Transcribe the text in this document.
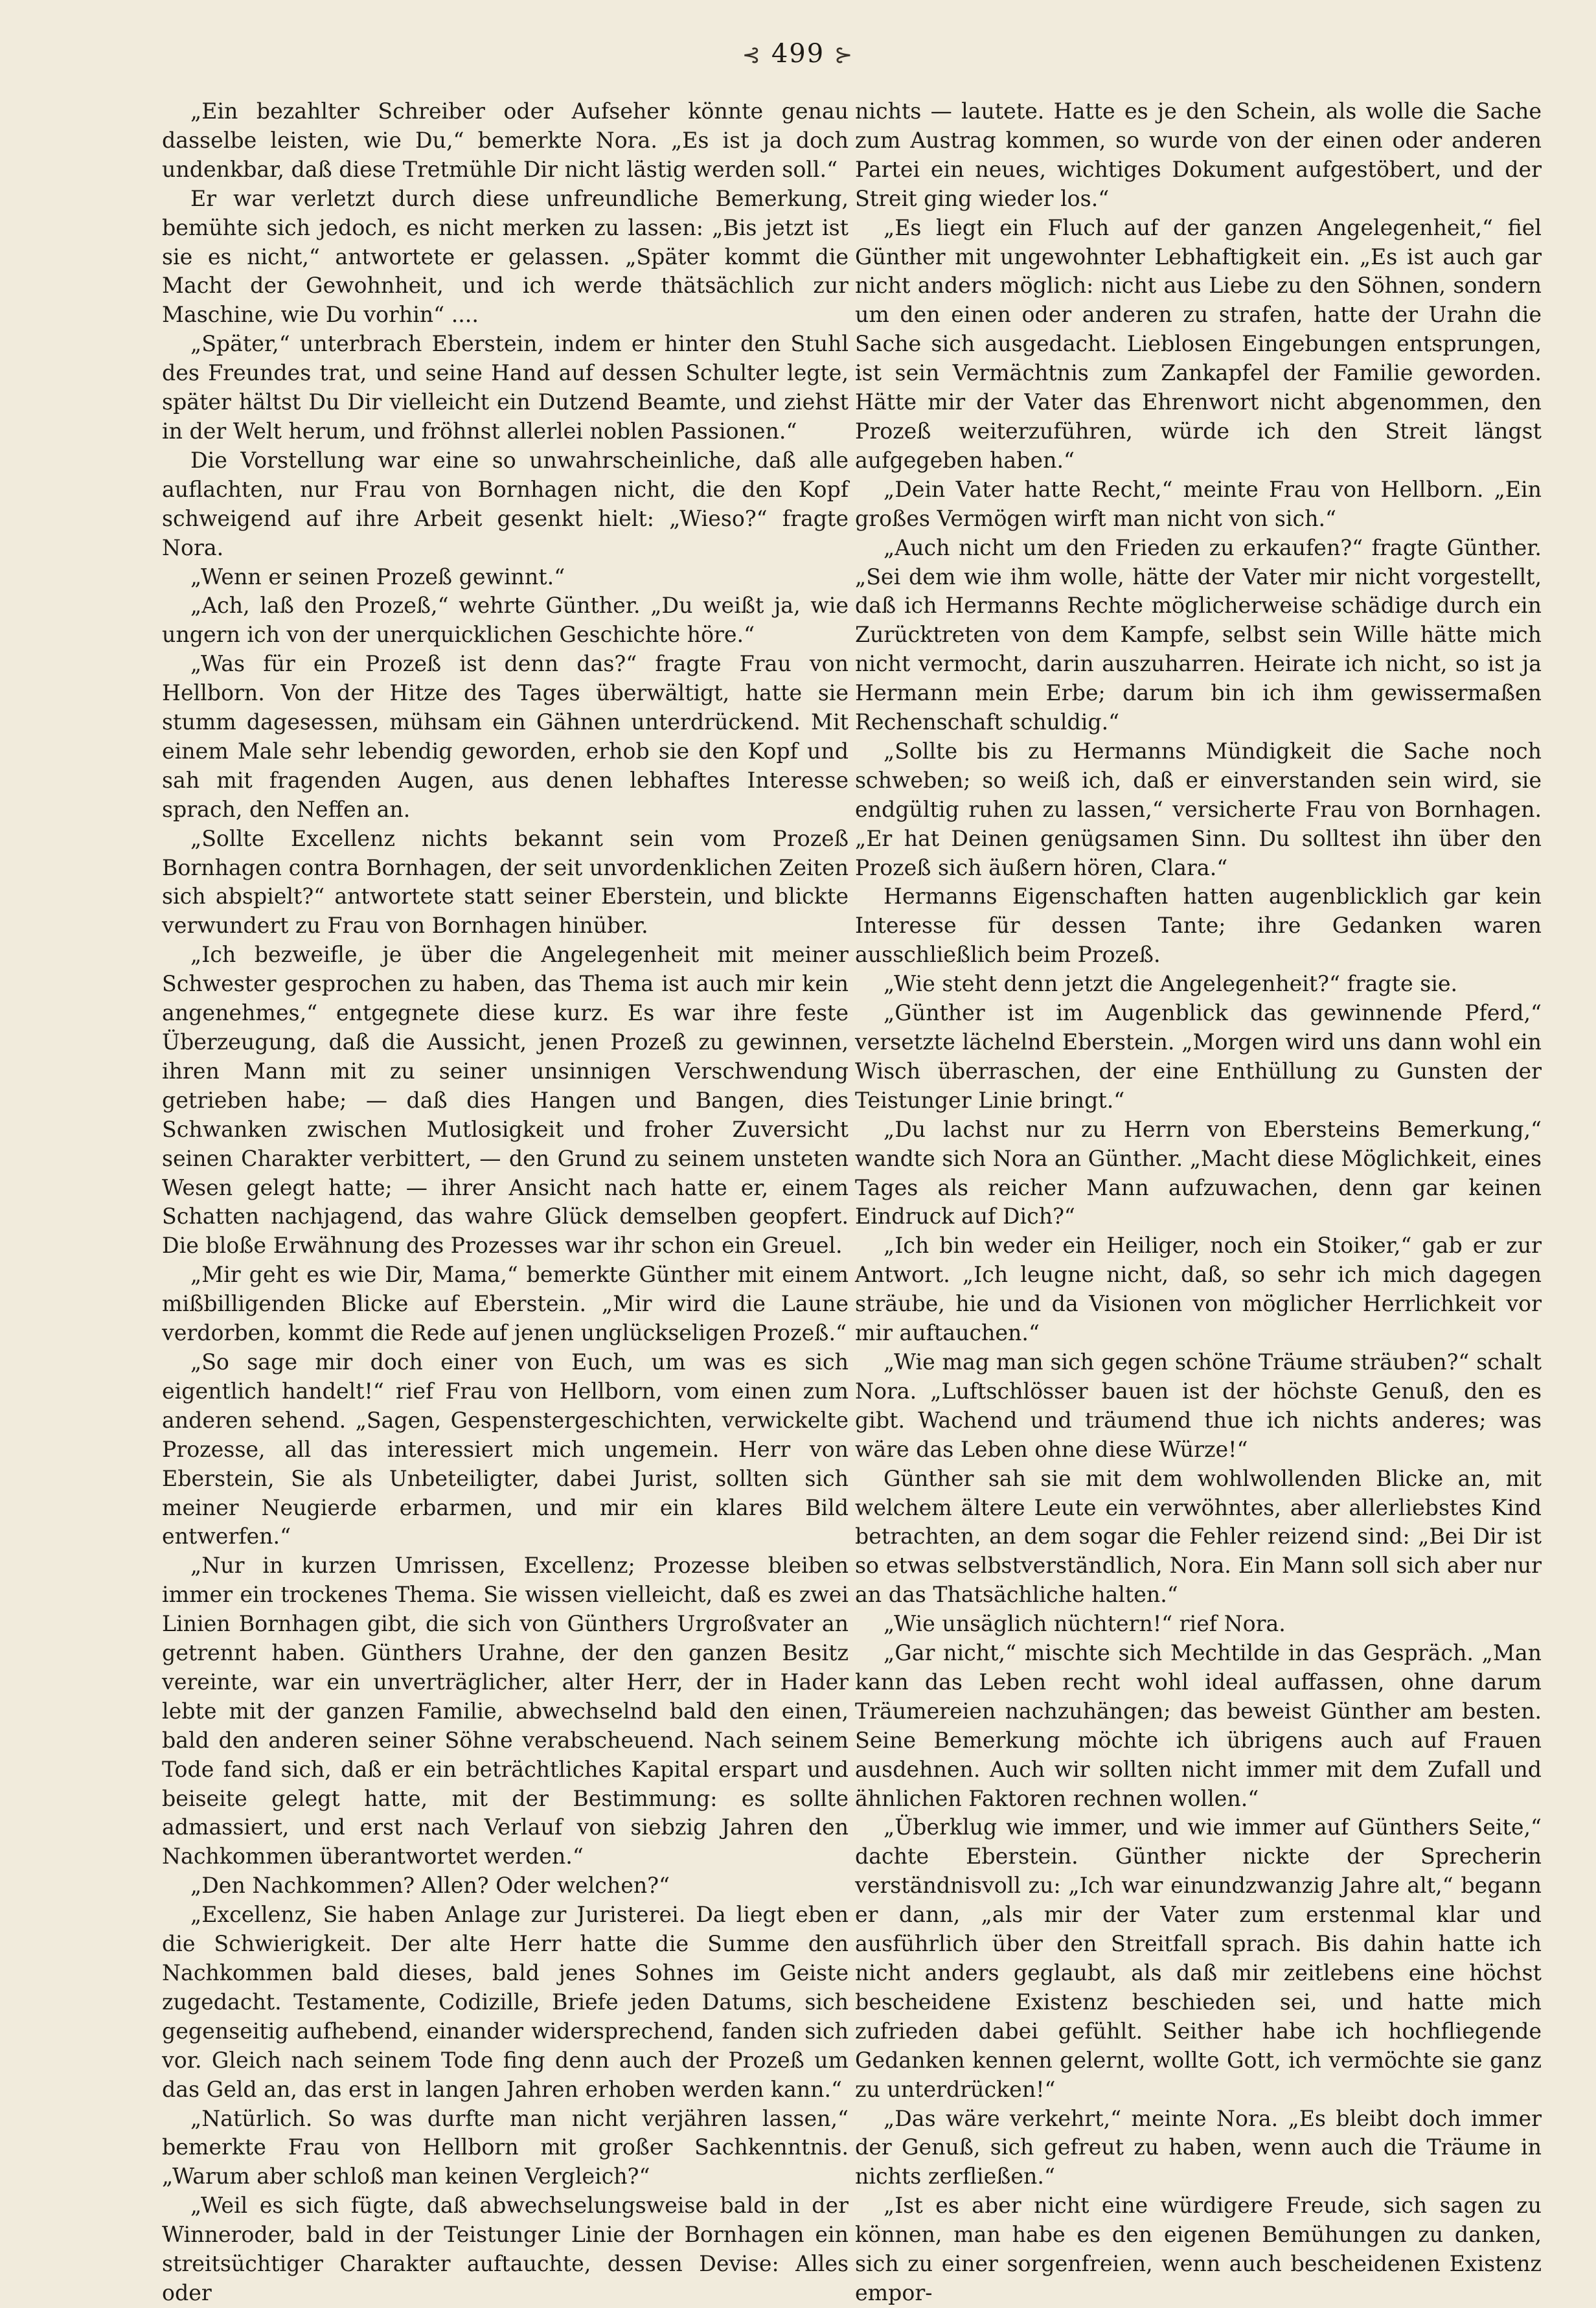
⊰ 499 ⊱

„Ein bezahlter Schreiber oder Aufseher könnte genau dasselbe leisten, wie Du,“ bemerkte Nora. „Es ist ja doch undenkbar, daß diese Tretmühle Dir nicht lästig werden soll.“

Er war verletzt durch diese unfreundliche Bemerkung, bemühte sich jedoch, es nicht merken zu lassen: „Bis jetzt ist sie es nicht,“ antwortete er gelassen. „Später kommt die Macht der Gewohnheit, und ich werde thätsächlich zur Maschine, wie Du vorhin“ ....

„Später,“ unterbrach Eberstein, indem er hinter den Stuhl des Freundes trat, und seine Hand auf dessen Schulter legte, später hältst Du Dir vielleicht ein Dutzend Beamte, und ziehst in der Welt herum, und fröhnst allerlei noblen Passionen.“

Die Vorstellung war eine so unwahrscheinliche, daß alle auflachten, nur Frau von Bornhagen nicht, die den Kopf schweigend auf ihre Arbeit gesenkt hielt: „Wieso?“ fragte Nora.

„Wenn er seinen Prozeß gewinnt.“

„Ach, laß den Prozeß,“ wehrte Günther. „Du weißt ja, wie ungern ich von der unerquicklichen Geschichte höre.“

„Was für ein Prozeß ist denn das?“ fragte Frau von Hellborn. Von der Hitze des Tages überwältigt, hatte sie stumm dagesessen, mühsam ein Gähnen unterdrückend. Mit einem Male sehr lebendig geworden, erhob sie den Kopf und sah mit fragenden Augen, aus denen lebhaftes Interesse sprach, den Neffen an.

„Sollte Excellenz nichts bekannt sein vom Prozeß Bornhagen contra Bornhagen, der seit unvordenklichen Zeiten sich abspielt?“ antwortete statt seiner Eberstein, und blickte verwundert zu Frau von Bornhagen hinüber.

„Ich bezweifle, je über die Angelegenheit mit meiner Schwester gesprochen zu haben, das Thema ist auch mir kein angenehmes,“ entgegnete diese kurz. Es war ihre feste Überzeugung, daß die Aussicht, jenen Prozeß zu gewinnen, ihren Mann mit zu seiner unsinnigen Verschwendung getrieben habe; — daß dies Hangen und Bangen, dies Schwanken zwischen Mutlosigkeit und froher Zuversicht seinen Charakter verbittert, — den Grund zu seinem unsteten Wesen gelegt hatte; — ihrer Ansicht nach hatte er, einem Schatten nachjagend, das wahre Glück demselben geopfert. Die bloße Erwähnung des Prozesses war ihr schon ein Greuel.

„Mir geht es wie Dir, Mama,“ bemerkte Günther mit einem mißbilligenden Blicke auf Eberstein. „Mir wird die Laune verdorben, kommt die Rede auf jenen unglückseligen Prozeß.“

„So sage mir doch einer von Euch, um was es sich eigentlich handelt!“ rief Frau von Hellborn, vom einen zum anderen sehend. „Sagen, Gespenstergeschichten, verwickelte Prozesse, all das interessiert mich ungemein. Herr von Eberstein, Sie als Unbeteiligter, dabei Jurist, sollten sich meiner Neugierde erbarmen, und mir ein klares Bild entwerfen.“

„Nur in kurzen Umrissen, Excellenz; Prozesse bleiben immer ein trockenes Thema. Sie wissen vielleicht, daß es zwei Linien Bornhagen gibt, die sich von Günthers Urgroßvater an getrennt haben. Günthers Urahne, der den ganzen Besitz vereinte, war ein unverträglicher, alter Herr, der in Hader lebte mit der ganzen Familie, abwechselnd bald den einen, bald den anderen seiner Söhne verabscheuend. Nach seinem Tode fand sich, daß er ein beträchtliches Kapital erspart und beiseite gelegt hatte, mit der Bestimmung: es sollte admassiert, und erst nach Verlauf von siebzig Jahren den Nachkommen überantwortet werden.“

„Den Nachkommen? Allen? Oder welchen?“

„Excellenz, Sie haben Anlage zur Juristerei. Da liegt eben die Schwierigkeit. Der alte Herr hatte die Summe den Nachkommen bald dieses, bald jenes Sohnes im Geiste zugedacht. Testamente, Codizille, Briefe jeden Datums, sich gegenseitig aufhebend, einander widersprechend, fanden sich vor. Gleich nach seinem Tode fing denn auch der Prozeß um das Geld an, das erst in langen Jahren erhoben werden kann.“

„Natürlich. So was durfte man nicht verjähren lassen,“ bemerkte Frau von Hellborn mit großer Sachkenntnis. „Warum aber schloß man keinen Vergleich?“

„Weil es sich fügte, daß abwechselungsweise bald in der Winneroder, bald in der Teistunger Linie der Bornhagen ein streitsüchtiger Charakter auftauchte, dessen Devise: Alles oder

nichts — lautete. Hatte es je den Schein, als wolle die Sache zum Austrag kommen, so wurde von der einen oder anderen Partei ein neues, wichtiges Dokument aufgestöbert, und der Streit ging wieder los.“

„Es liegt ein Fluch auf der ganzen Angelegenheit,“ fiel Günther mit ungewohnter Lebhaftigkeit ein. „Es ist auch gar nicht anders möglich: nicht aus Liebe zu den Söhnen, sondern um den einen oder anderen zu strafen, hatte der Urahn die Sache sich ausgedacht. Lieblosen Eingebungen entsprungen, ist sein Vermächtnis zum Zankapfel der Familie geworden. Hätte mir der Vater das Ehrenwort nicht abgenommen, den Prozeß weiterzuführen, würde ich den Streit längst aufgegeben haben.“

„Dein Vater hatte Recht,“ meinte Frau von Hellborn. „Ein großes Vermögen wirft man nicht von sich.“

„Auch nicht um den Frieden zu erkaufen?“ fragte Günther. „Sei dem wie ihm wolle, hätte der Vater mir nicht vorgestellt, daß ich Hermanns Rechte möglicherweise schädige durch ein Zurücktreten von dem Kampfe, selbst sein Wille hätte mich nicht vermocht, darin auszuharren. Heirate ich nicht, so ist ja Hermann mein Erbe; darum bin ich ihm gewissermaßen Rechenschaft schuldig.“

„Sollte bis zu Hermanns Mündigkeit die Sache noch schweben; so weiß ich, daß er einverstanden sein wird, sie endgültig ruhen zu lassen,“ versicherte Frau von Bornhagen. „Er hat Deinen genügsamen Sinn. Du solltest ihn über den Prozeß sich äußern hören, Clara.“

Hermanns Eigenschaften hatten augenblicklich gar kein Interesse für dessen Tante; ihre Gedanken waren ausschließlich beim Prozeß.

„Wie steht denn jetzt die Angelegenheit?“ fragte sie.

„Günther ist im Augenblick das gewinnende Pferd,“ versetzte lächelnd Eberstein. „Morgen wird uns dann wohl ein Wisch überraschen, der eine Enthüllung zu Gunsten der Teistunger Linie bringt.“

„Du lachst nur zu Herrn von Ebersteins Bemerkung,“ wandte sich Nora an Günther. „Macht diese Möglichkeit, eines Tages als reicher Mann aufzuwachen, denn gar keinen Eindruck auf Dich?“

„Ich bin weder ein Heiliger, noch ein Stoiker,“ gab er zur Antwort. „Ich leugne nicht, daß, so sehr ich mich dagegen sträube, hie und da Visionen von möglicher Herrlichkeit vor mir auftauchen.“

„Wie mag man sich gegen schöne Träume sträuben?“ schalt Nora. „Luftschlösser bauen ist der höchste Genuß, den es gibt. Wachend und träumend thue ich nichts anderes; was wäre das Leben ohne diese Würze!“

Günther sah sie mit dem wohlwollenden Blicke an, mit welchem ältere Leute ein verwöhntes, aber allerliebstes Kind betrachten, an dem sogar die Fehler reizend sind: „Bei Dir ist so etwas selbstverständlich, Nora. Ein Mann soll sich aber nur an das Thatsächliche halten.“

„Wie unsäglich nüchtern!“ rief Nora.

„Gar nicht,“ mischte sich Mechtilde in das Gespräch. „Man kann das Leben recht wohl ideal auffassen, ohne darum Träumereien nachzuhängen; das beweist Günther am besten. Seine Bemerkung möchte ich übrigens auch auf Frauen ausdehnen. Auch wir sollten nicht immer mit dem Zufall und ähnlichen Faktoren rechnen wollen.“

„Überklug wie immer, und wie immer auf Günthers Seite,“ dachte Eberstein. Günther nickte der Sprecherin verständnisvoll zu: „Ich war einundzwanzig Jahre alt,“ begann er dann, „als mir der Vater zum erstenmal klar und ausführlich über den Streitfall sprach. Bis dahin hatte ich nicht anders geglaubt, als daß mir zeitlebens eine höchst bescheidene Existenz beschieden sei, und hatte mich zufrieden dabei gefühlt. Seither habe ich hochfliegende Gedanken kennen gelernt, wollte Gott, ich vermöchte sie ganz zu unterdrücken!“

„Das wäre verkehrt,“ meinte Nora. „Es bleibt doch immer der Genuß, sich gefreut zu haben, wenn auch die Träume in nichts zerfließen.“

„Ist es aber nicht eine würdigere Freude, sich sagen zu können, man habe es den eigenen Bemühungen zu danken, sich zu einer sorgenfreien, wenn auch bescheidenen Existenz empor-
